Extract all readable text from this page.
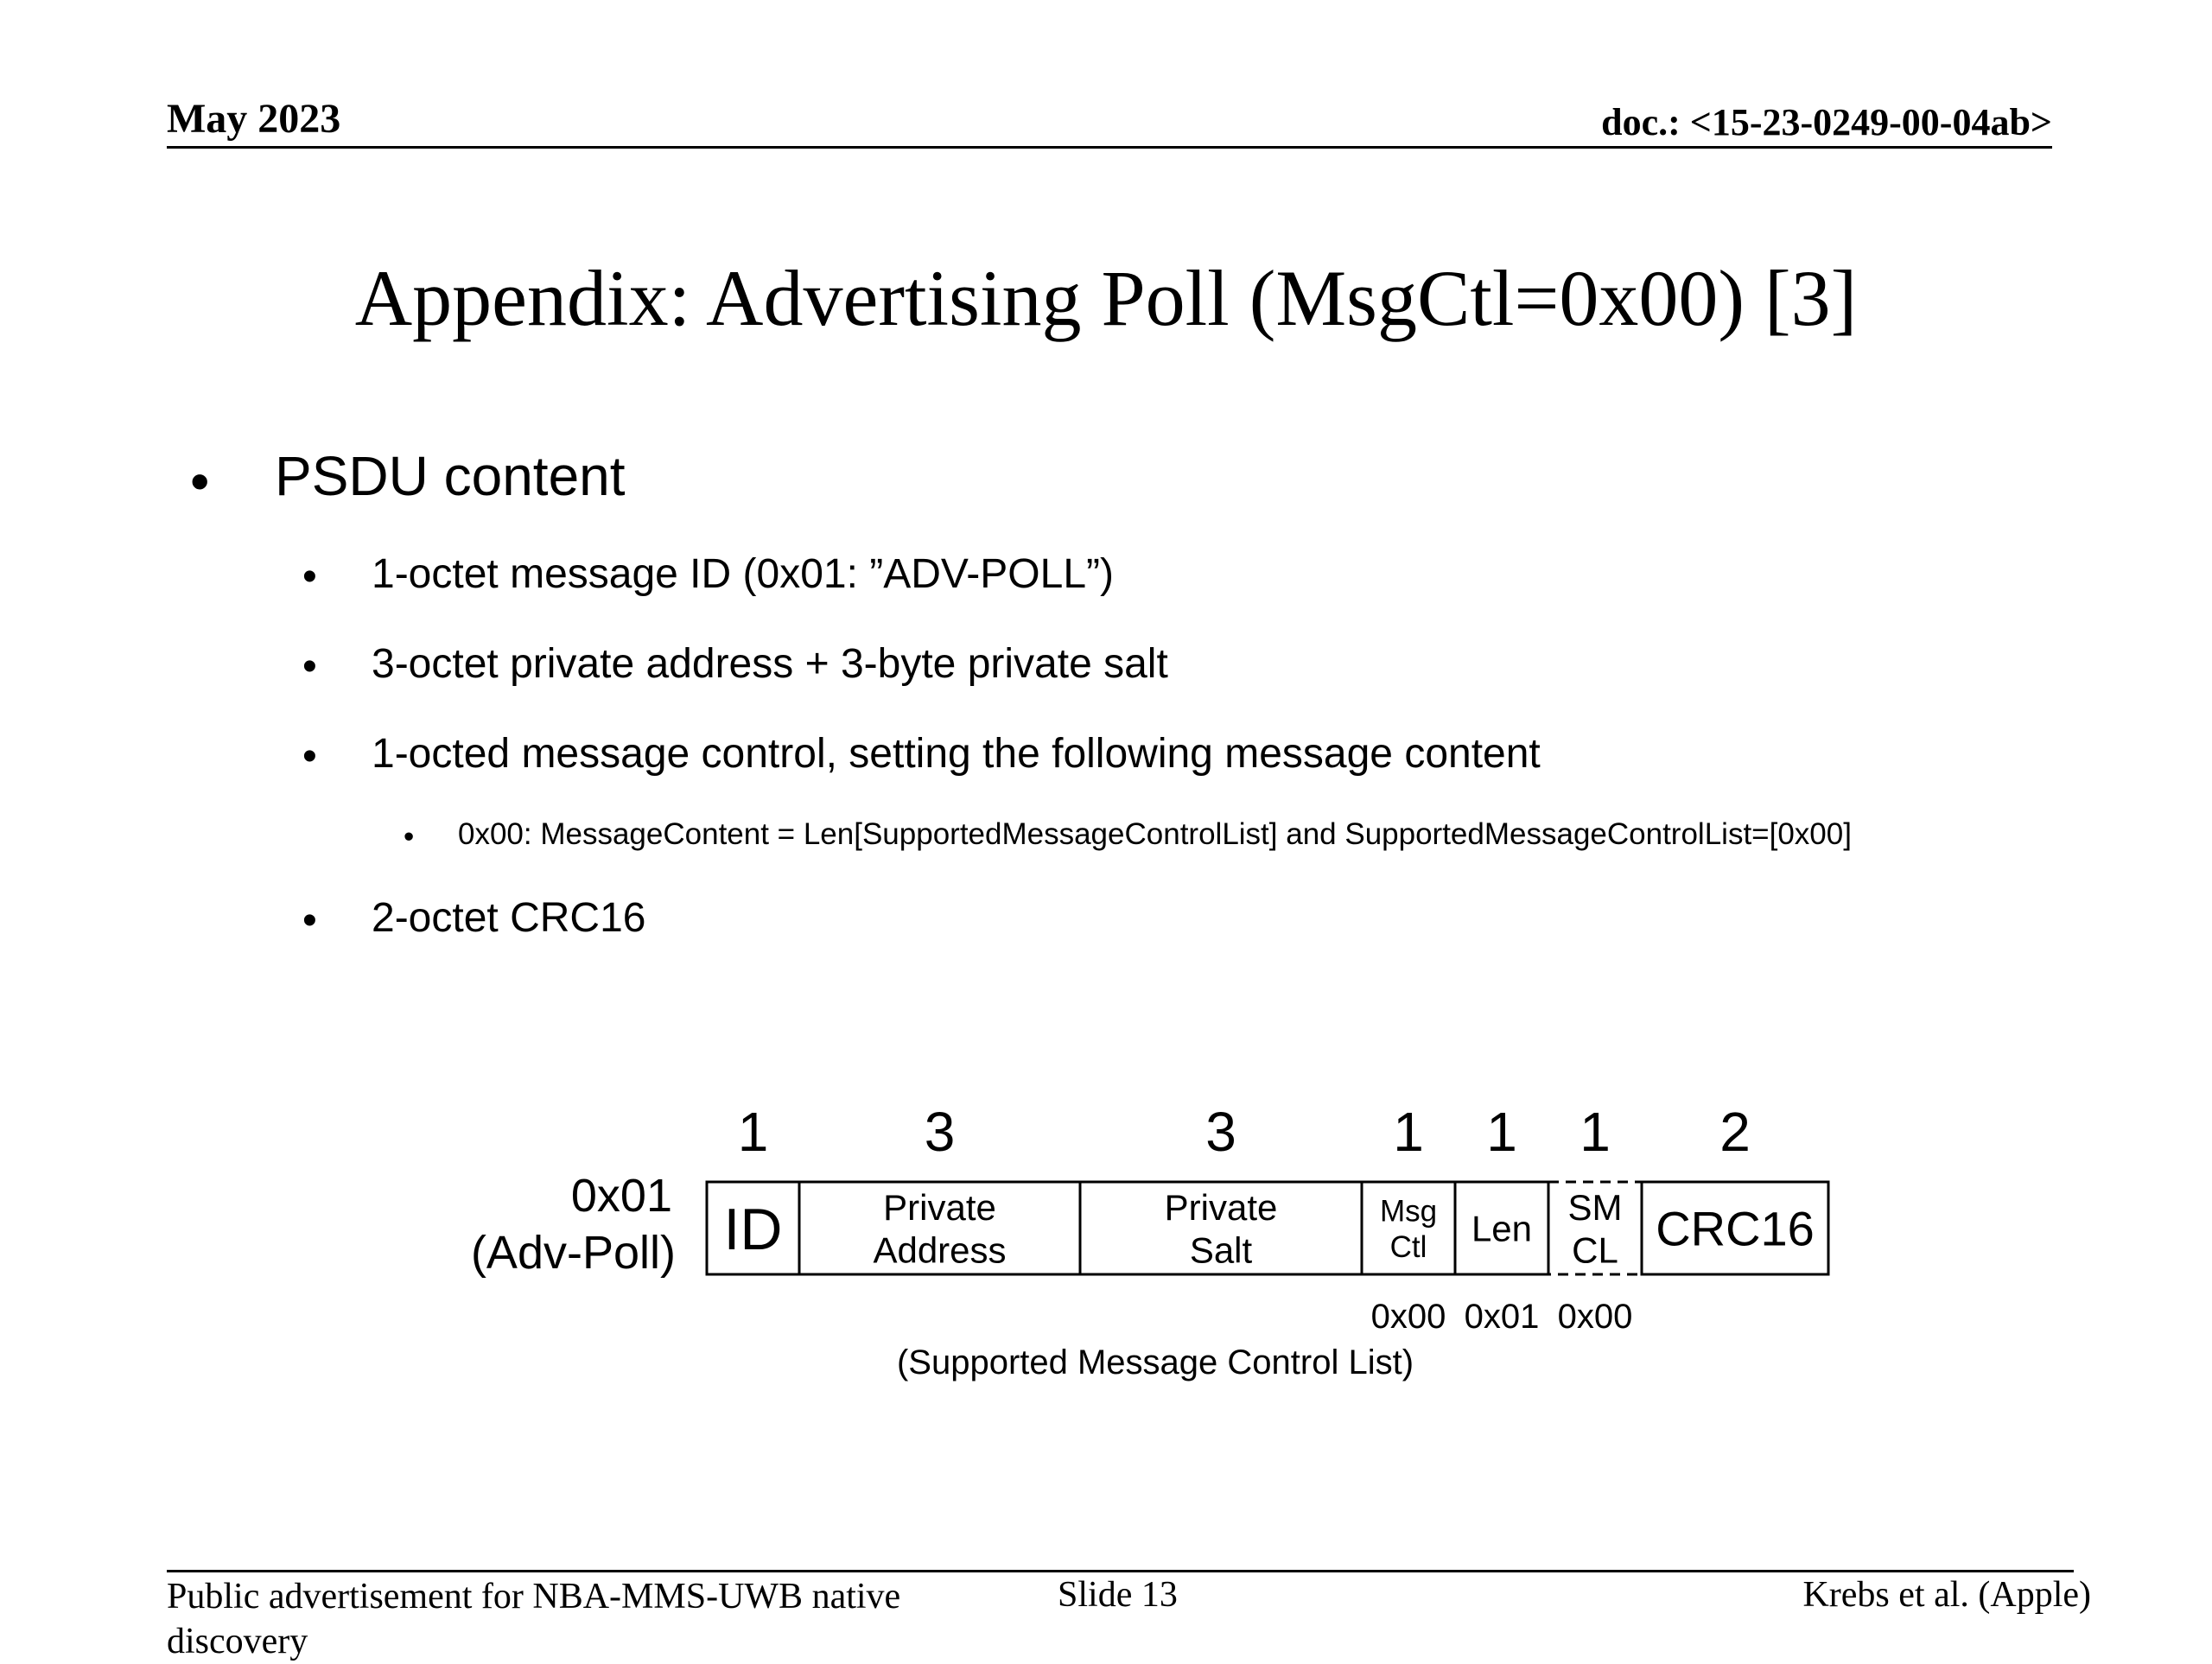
May 2023	doc.: <15-23-0249-00-04ab>
Appendix: Advertising Poll (MsgCtl=0x00) [3]
• PSDU content
• 1-octet message ID (0x01: ”ADV-POLL”)
• 3-octet private address + 3-byte private salt
• 1-octed message control, setting the following message content
• 0x00: MessageContent = Len[SupportedMessageControlList] and SupportedMessageControlList=[0x00]
• 2-octet CRC16
1
ID
3
Private
Address
3
Private
Salt
1
Msg
Ctl
1
Len
1
SM
CL
2
CRC16
0x01
(Adv-Poll)
0x00 0x01 0x00
(Supported Message Control List)
Public advertisement for NBA-MMS-UWB native discovery
Slide 13	Krebs et al. (Apple)
